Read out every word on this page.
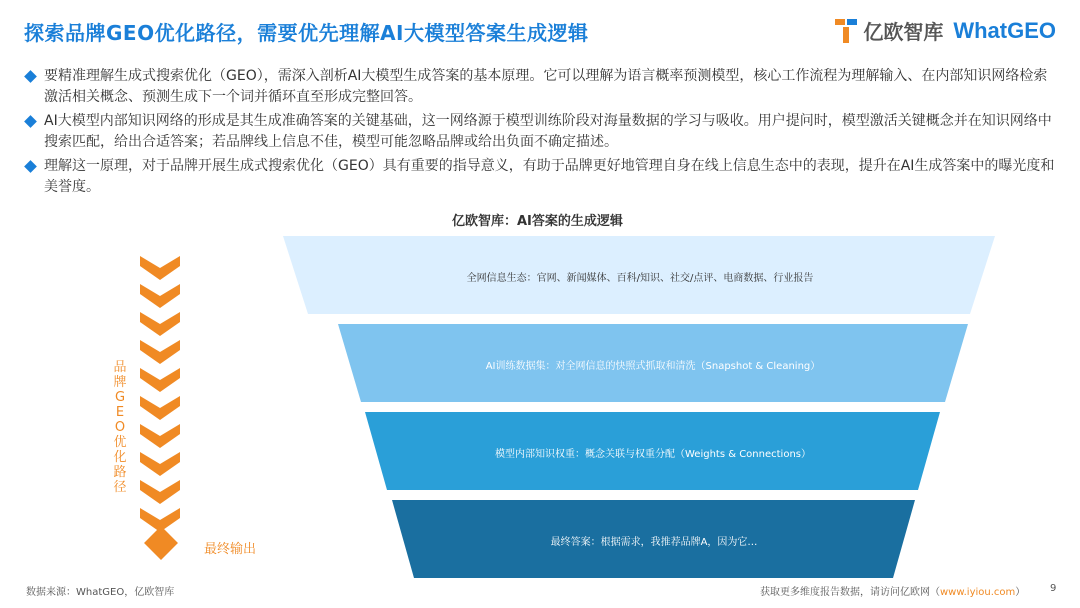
探索品牌GEO优化路径，需要优先理解AI大模型答案生成逻辑	亿欧智库 WhatGEO
要精准理解生成式搜索优化（GEO），需深入剖析AI大模型生成答案的基本原理。它可以理解为语言概率预测模型，核心工作流程为理解输入、在内部知识网络检索激活相关概念、预测生成下一个词并循环直至形成完整回答。
AI大模型内部知识网络的形成是其生成准确答案的关键基础，这一网络源于模型训练阶段对海量数据的学习与吸收。用户提问时，模型激活关键概念并在知识网络中搜索匹配，给出合适答案；若品牌线上信息不佳，模型可能忽略品牌或给出负面不确定描述。
理解这一原理，对于品牌开展生成式搜索优化（GEO）具有重要的指导意义，有助于品牌更好地管理自身在线上信息生态中的表现，提升在AI生成答案中的曝光度和美誉度。
亿欧智库：AI答案的生成逻辑
全网信息生态：官网、新闻媒体、百科/知识、社交/点评、电商数据、行业报告
AI训练数据集：对全网信息的快照式抓取和清洗（Snapshot & Cleaning）
模型内部知识权重：概念关联与权重分配（Weights & Connections）
最终答案：根据需求，我推荐品牌A，因为它…
品
牌
G
E
O
优
化
路
径
最终输出
数据来源：WhatGEO，亿欧智库	获取更多维度报告数据，请访问亿欧网（www.iyiou.com） 9
